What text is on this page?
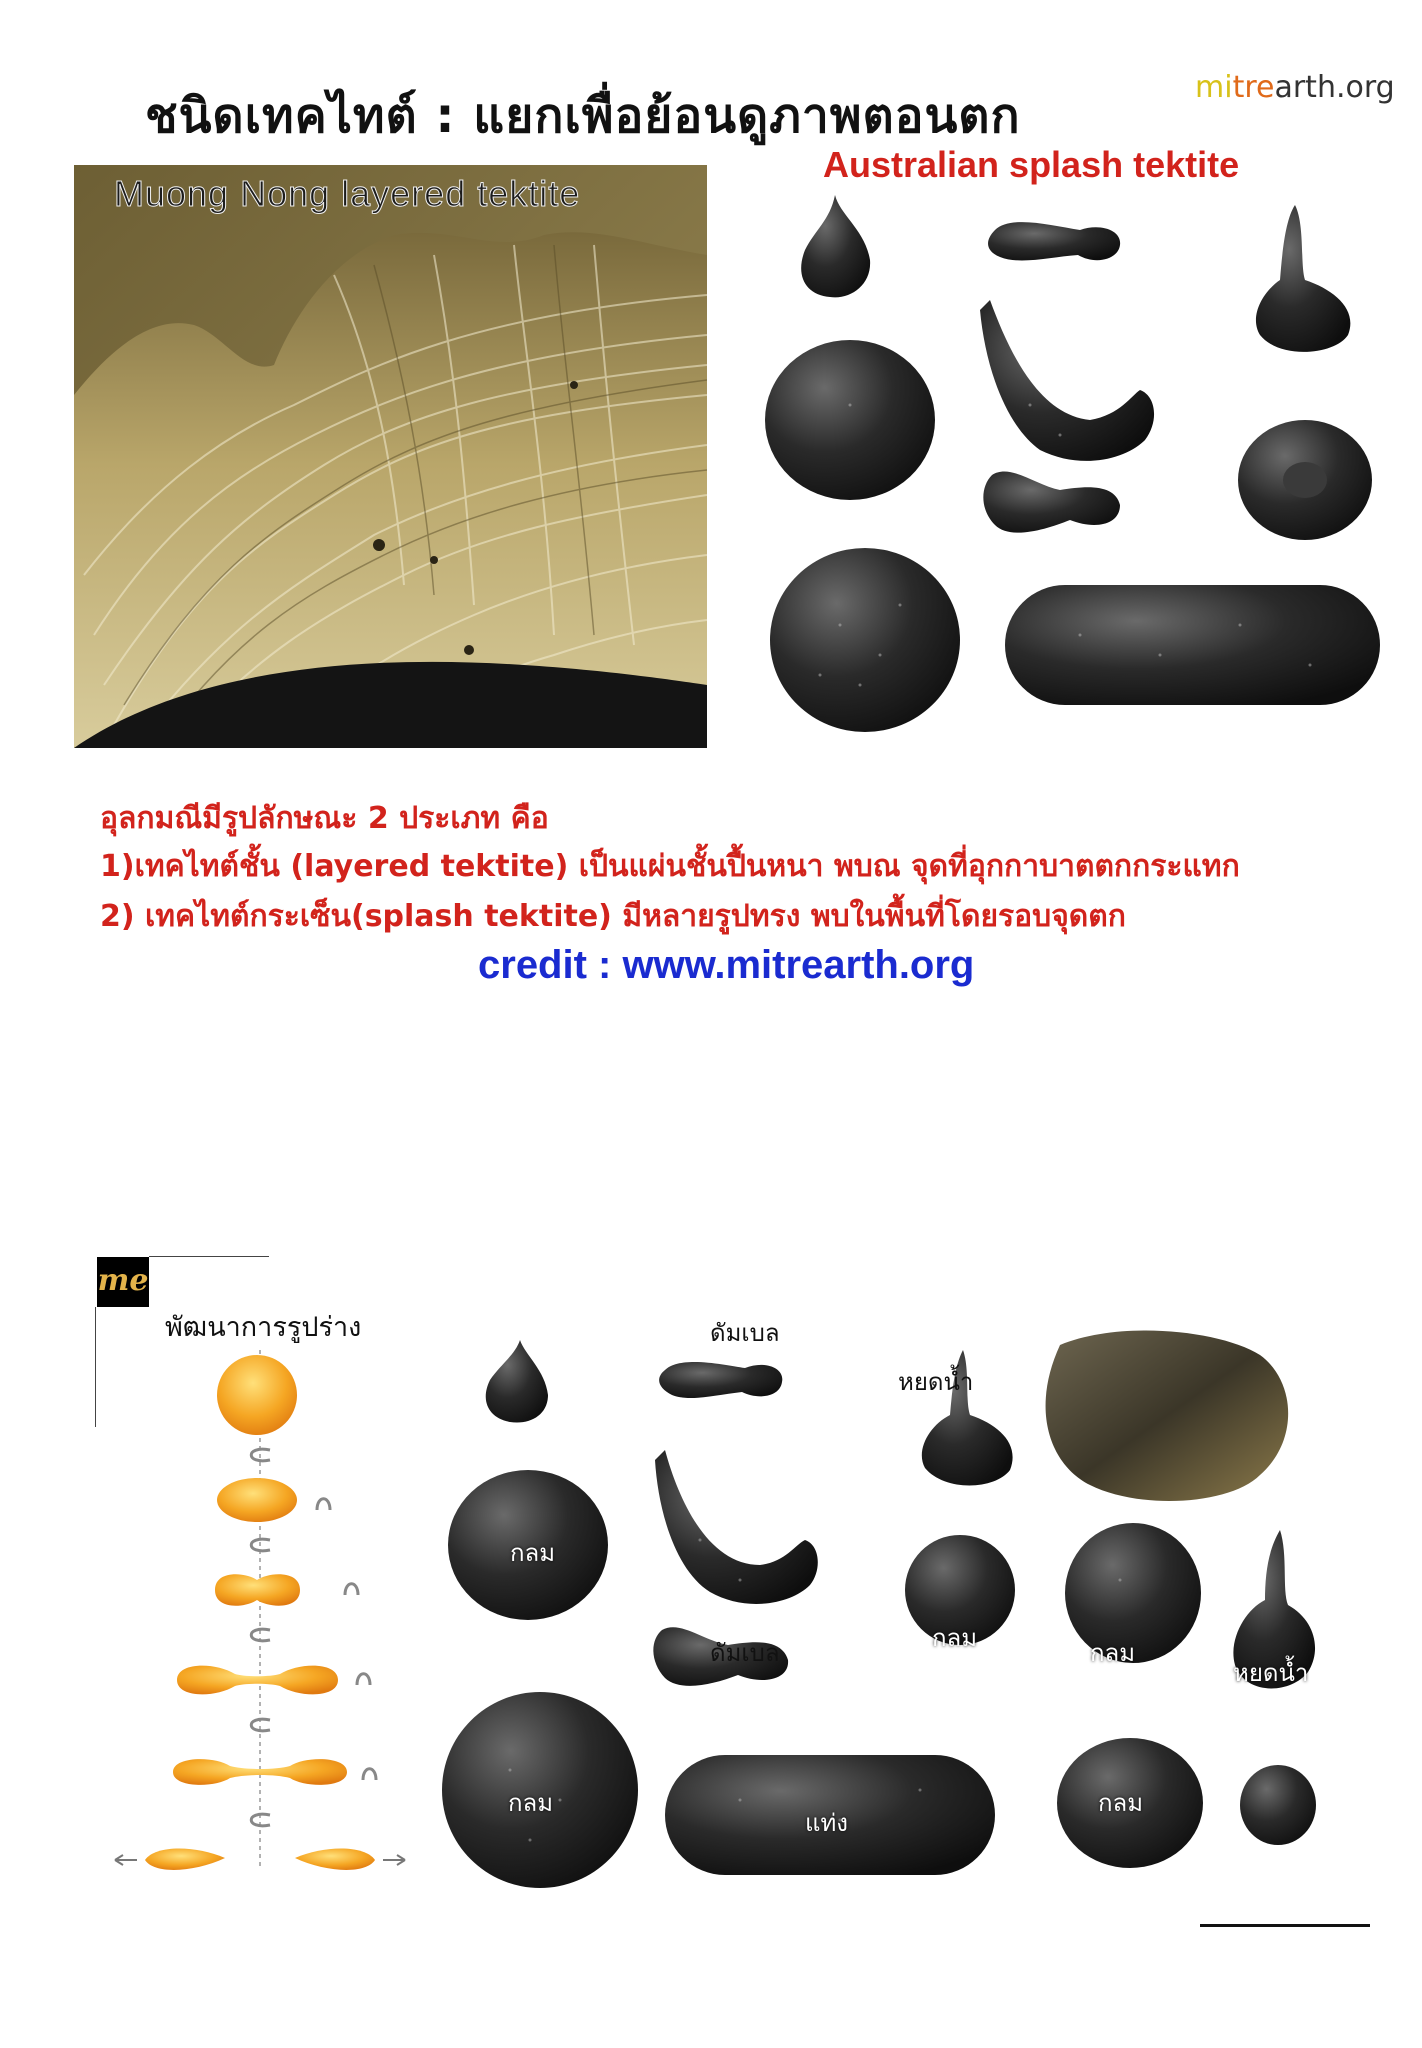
ชนิดเทคไทต์ : แยกเพื่อย้อนดูภาพตอนตก
mitrearth.org
Australian splash tektite
Muong Nong layered tektite
อุลกมณีมีรูปลักษณะ 2 ประเภท คือ
1)เทคไทต์ชั้น (layered tektite) เป็นแผ่นชั้นปื้นหนา พบณ จุดที่อุกกาบาตตกกระแทก
2) เทคไทต์กระเซ็น(splash tektite) มีหลายรูปทรง พบในพื้นที่โดยรอบจุดตก
credit : www.mitrearth.org
me
พัฒนาการรูปร่าง	ดัมเบล
หยดน้ำ
กลม
ดัมเบล
กลม
กลม
หยดน้ำ
กลม
แท่ง
กลม
